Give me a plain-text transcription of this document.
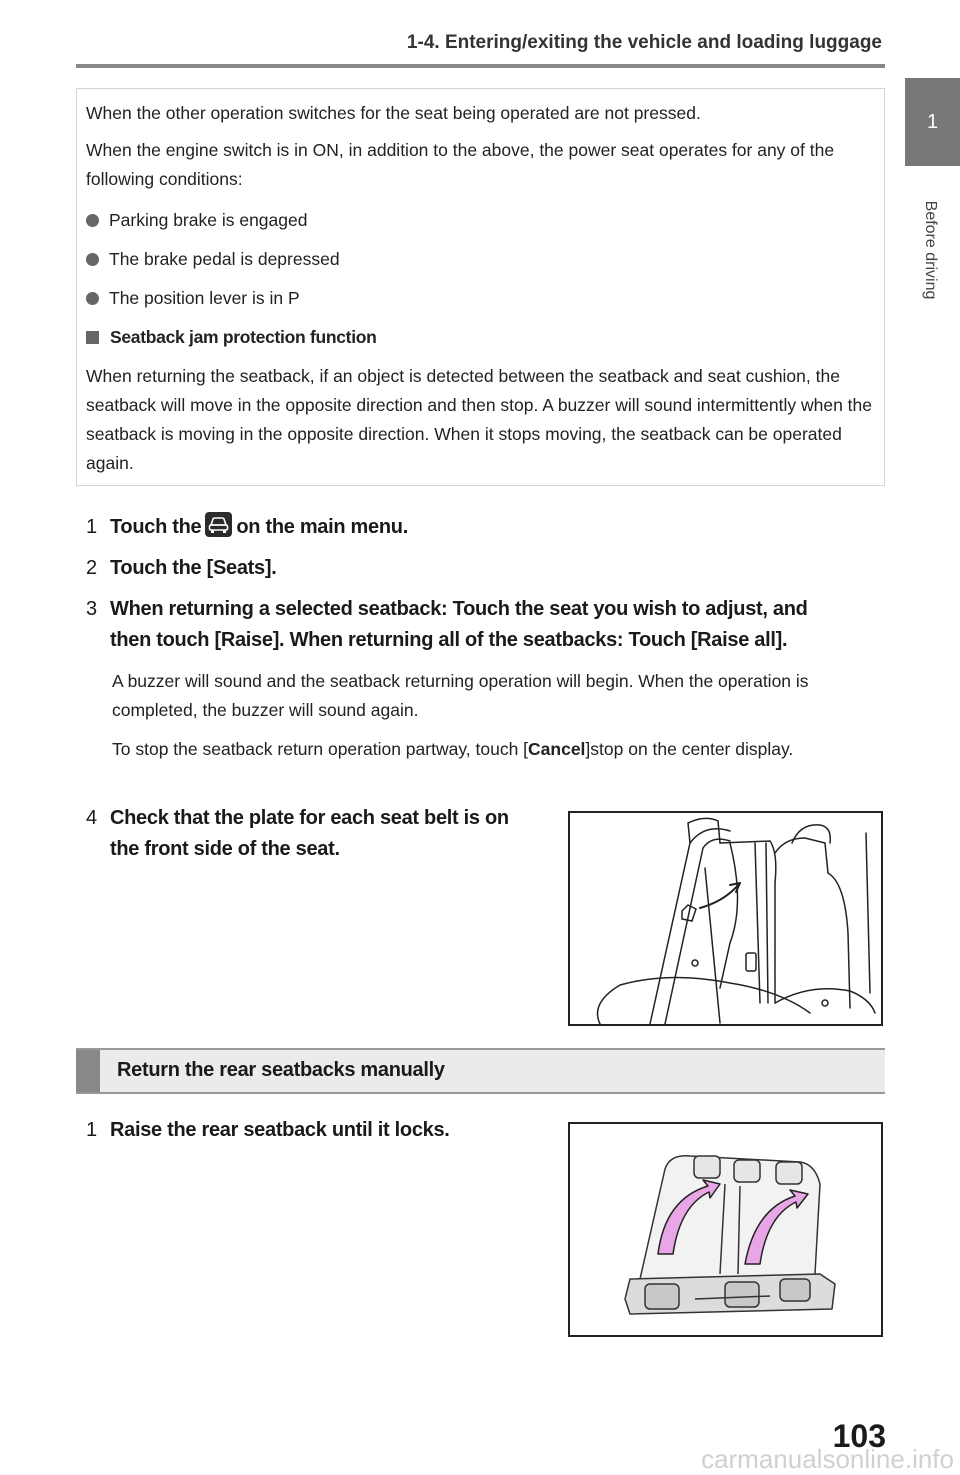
1-4. Entering/exiting the vehicle and loading luggage
1
Before driving

When the other operation switches for the seat being operated are not pressed.

When the engine switch is in ON, in addition to the above, the power seat operates for any of the following conditions:

Parking brake is engaged
The brake pedal is depressed
The position lever is in P
Seatback jam protection function

When returning the seatback, if an object is detected between the seatback and seat cushion, the seatback will move in the opposite direction and then stop. A buzzer will sound intermittently when the seatback is moving in the opposite direction. When it stops moving, the seatback can be operated again.

1 Touch the on the main menu.
2 Touch the [Seats].
3 When returning a selected seatback: Touch the seat you wish to adjust, and
then touch [Raise]. When returning all of the seatbacks: Touch [Raise all].
A buzzer will sound and the seatback returning operation will begin. When the operation is completed, the buzzer will sound again.
To stop the seatback return operation partway, touch [Cancel]stop on the center display.
4 Check that the plate for each seat belt is on
the front side of the seat.
Return the rear seatbacks manually
1 Raise the rear seatback until it locks.
103
carmanualsonline.info
